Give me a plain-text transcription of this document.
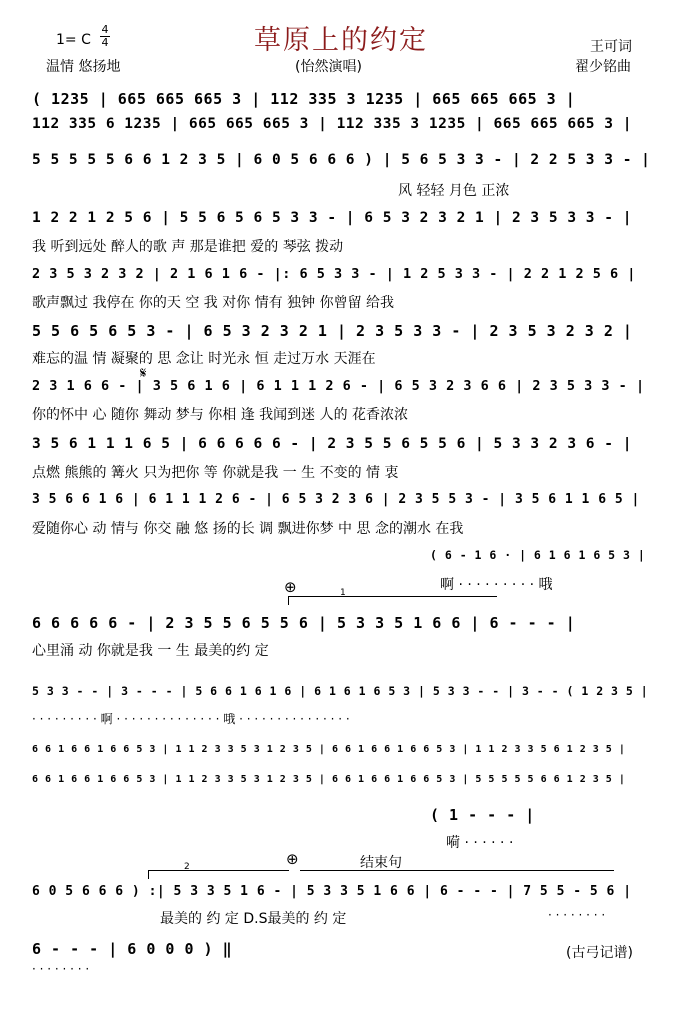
草原上的约定
1= C $\frac{4}{4}$
温情 悠扬地	(怡然演唱)
王可词
翟少铭曲
( 1235 | 665 665 665 3 | 112 335 3 1235 | 665 665 665 3 |
112 335 6 1235 | 665 665 665 3 | 112 335 3 1235 | 665 665 665 3 |
5 5 5 5 5 6 6 1 2 3 5 | 6 0 5 6 6 6 ) | 5 6 5 3 3 - | 2 2 5 3 3 - |
风 轻轻 月色 正浓
1 2 2 1 2 5 6 | 5 5 6 5 6 5 3 3 - | 6 5 3 2 3 2 1 | 2 3 5 3 3 - |
我 听到远处 醉人的歌 声 那是谁把 爱的 琴弦 拨动
2 3 5 3 2 3 2 | 2 1 6 1 6 - |: 6 5 3 3 - | 1 2 5 3 3 - | 2 2 1 2 5 6 |
歌声飘过 我停在 你的天 空 我 对你 情有 独钟 你曾留 给我
5 5 6 5 6 5 3 - | 6 5 3 2 3 2 1 | 2 3 5 3 3 - | 2 3 5 3 2 3 2 |
难忘的温 情 凝聚的 思 念让 时光永 恒 走过万水 天涯在
2 3 1 6 6 - | 3 5 6 1 6 | 6 1 1 1 2 6 - | 6 5 3 2 3 6 6 | 2 3 5 3 3 - |
𝄋
你的怀中 心 随你 舞动 梦与 你相 逢 我闻到迷 人的 花香浓浓
3 5 6 1 1 1 6 5 | 6 6 6 6 6 - | 2 3 5 5 6 5 5 6 | 5 3 3 2 3 6 - |
点燃 熊熊的 篝火 只为把你 等 你就是我 一 生 不变的 情 衷
3 5 6 6 1 6 | 6 1 1 1 2 6 - | 6 5 3 2 3 6 | 2 3 5 5 3 - | 3 5 6 1 1 6 5 |
爱随你心 动 情与 你交 融 悠 扬的长 调 飘进你梦 中 思 念的潮水 在我
( 6 - 1 6 · | 6 1 6 1 6 5 3 |
啊 · · · · · · · · · 哦
⊕	1
6 6 6 6 6 - | 2 3 5 5 6 5 5 6 | 5 3 3 5 1 6 6 | 6 - - - |
心里涌 动 你就是我 一 生 最美的约 定
5 3 3 - - | 3 - - - | 5 6 6 1 6 1 6 | 6 1 6 1 6 5 3 | 5 3 3 - - | 3 - - ( 1 2 3 5 |
· · · · · · · · · 啊 · · · · · · · · · · · · · · 哦 · · · · · · · · · · · · · · ·
6 6 1 6 6 1 6 6 5 3 | 1 1 2 3 3 5 3 1 2 3 5 | 6 6 1 6 6 1 6 6 5 3 | 1 1 2 3 3 5 6 1 2 3 5 |
6 6 1 6 6 1 6 6 5 3 | 1 1 2 3 3 5 3 1 2 3 5 | 6 6 1 6 6 1 6 6 5 3 | 5 5 5 5 5 6 6 1 2 3 5 |
( 1 - - - |
嗬 · · · · · ·
2	⊕	结束句
6 0 5 6 6 6 ) :| 5 3 3 5 1 6 - | 5 3 3 5 1 6 6 | 6 - - - | 7 5 5 - 5 6 |
最美的 约 定 D.S最美的 约 定	· · · · · · · ·
6 - - - | 6 0 0 0 ) ‖
· · · · · · · ·
(古弓记谱)
